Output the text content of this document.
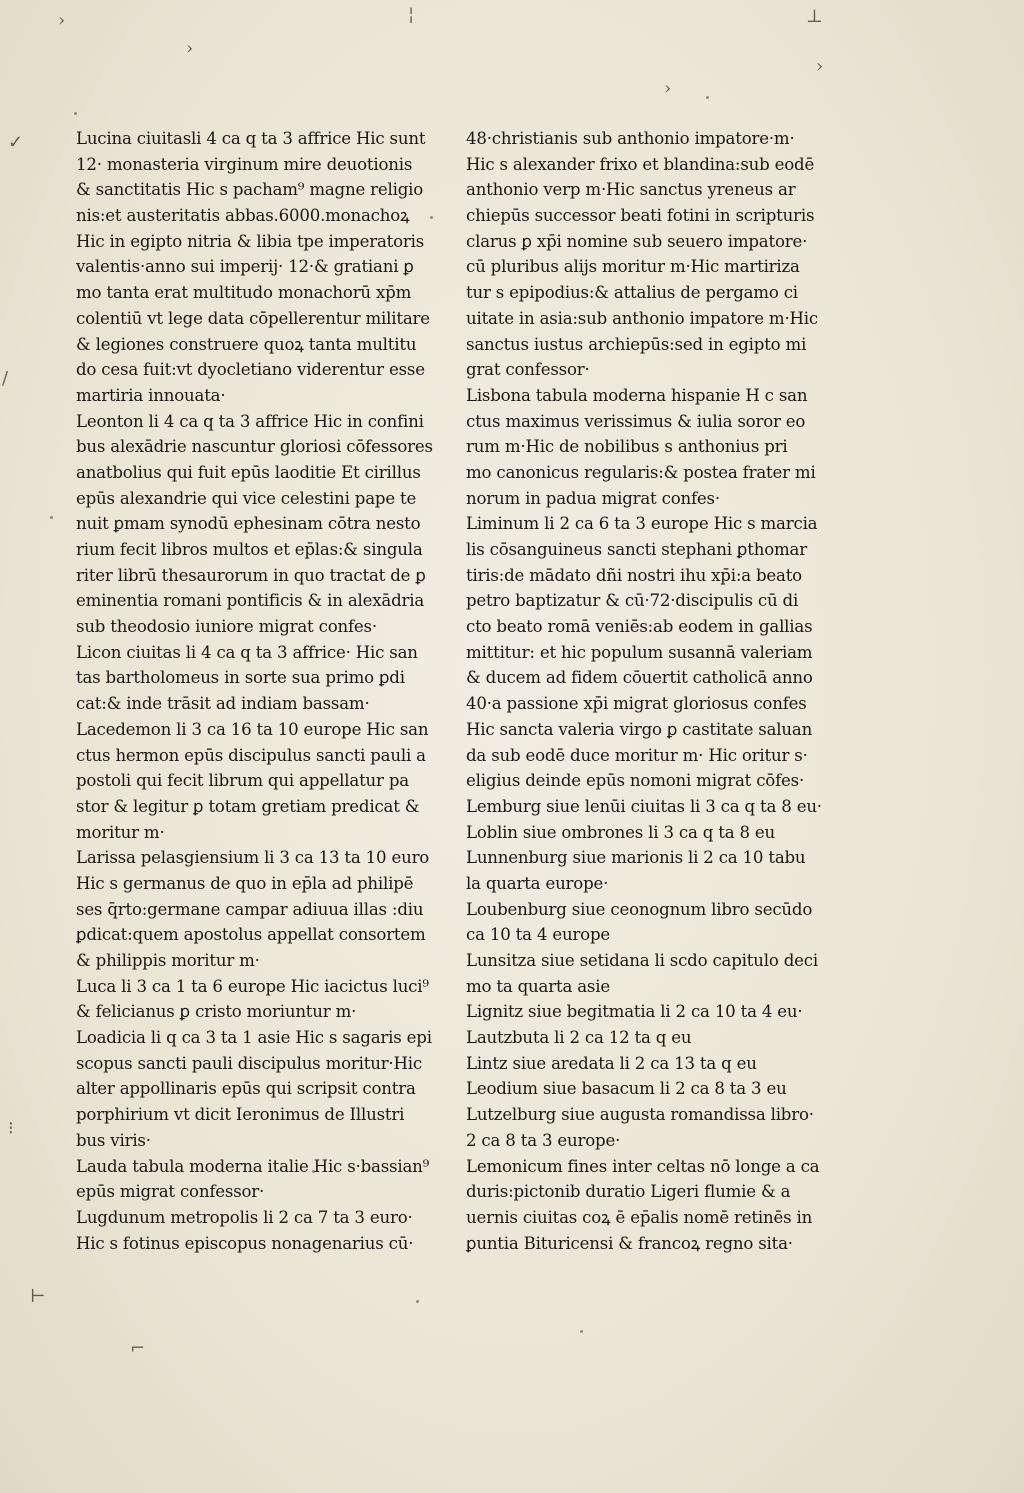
›
›
¦	⊥
›
›
✓
/
⊢
⌐
⁝
Lucina ciuitasli 4 ca q ta 3 affrice Hic sunt
12· monasteria virginum mire deuotionis
& sanctitatis Hic s pacham⁹ magne religio
nis:et austeritatis abbas.6000.monachoꝝ
Hic in egipto nitria & libia tpe imperatoris
valentis·anno sui imperij· 12·& gratiani ꝑ
mo tanta erat multitudo monachorū xp̄m
colentiū vt lege data cōpellerentur militare
& legiones construere quoꝝ tanta multitu
do cesa fuit:vt dyocletiano viderentur esse
martiria innouata·
Leonton li 4 ca q ta 3 affrice Hic in confini
bus alexādrie nascuntur gloriosi cōfessores
anatbolius qui fuit epūs laoditie Et cirillus
epūs alexandrie qui vice celestini pape te
nuit ꝑmam synodū ephesinam cōtra nesto
rium fecit libros multos et ep̄las:& singula
riter librū thesaurorum in quo tractat de ꝑ
eminentia romani pontificis & in alexādria
sub theodosio iuniore migrat confes·
Licon ciuitas li 4 ca q ta 3 affrice· Hic san
tas bartholomeus in sorte sua primo ꝑdi
cat:& inde trāsit ad indiam bassam·
Lacedemon li 3 ca 16 ta 10 europe Hic san
ctus hermon epūs discipulus sancti pauli a
postoli qui fecit librum qui appellatur pa
stor & legitur ꝑ totam gretiam predicat &
moritur m·
Larissa pelasgiensium li 3 ca 13 ta 10 euro
Hic s germanus de quo in ep̄la ad philipē
ses q̄rto:germane campar adiuua illas :diu
ꝑdicat:quem apostolus appellat consortem
& philippis moritur m·
Luca li 3 ca 1 ta 6 europe Hic iacictus luci⁹
& felicianus ꝑ cristo moriuntur m·
Loadicia li q ca 3 ta 1 asie Hic s sagaris epi
scopus sancti pauli discipulus moritur·Hic
alter appollinaris epūs qui scripsit contra
porphirium vt dicit Ieronimus de Illustri
bus viris·
Lauda tabula moderna italie Hic s·bassian⁹
epūs migrat confessor·
Lugdunum metropolis li 2 ca 7 ta 3 euro·
Hic s fotinus episcopus nonagenarius cū·
48·christianis sub anthonio impatore·m·
Hic s alexander frixo et blandina:sub eodē
anthonio verp m·Hic sanctus yreneus ar
chiepūs successor beati fotini in scripturis
clarus ꝑ xp̄i nomine sub seuero impatore·
cū pluribus alijs moritur m·Hic martiriza
tur s epipodius:& attalius de pergamo ci
uitate in asia:sub anthonio impatore m·Hic
sanctus iustus archiepūs:sed in egipto mi
grat confessor·
Lisbona tabula moderna hispanie H c san
ctus maximus verissimus & iulia soror eo
rum m·Hic de nobilibus s anthonius pri
mo canonicus regularis:& postea frater mi
norum in padua migrat confes·
Liminum li 2 ca 6 ta 3 europe Hic s marcia
lis cōsanguineus sancti stephani ꝑthomar
tiris:de mādato dñi nostri ihu xp̄i:a beato
petro baptizatur & cū·72·discipulis cū di
cto beato romā veniēs:ab eodem in gallias
mittitur: et hic populum susannā valeriam
& ducem ad fidem cōuertit catholicā anno
40·a passione xp̄i migrat gloriosus confes
Hic sancta valeria virgo ꝑ castitate saluan
da sub eodē duce moritur m· Hic oritur s·
eligius deinde epūs nomoni migrat cōfes·
Lemburg siue lenūi ciuitas li 3 ca q ta 8 eu·
Loblin siue ombrones li 3 ca q ta 8 eu
Lunnenburg siue marionis li 2 ca 10 tabu
la quarta europe·
Loubenburg siue ceonognum libro secūdo
ca 10 ta 4 europe
Lunsitza siue setidana li scdo capitulo deci
mo ta quarta asie
Lignitz siue begitmatia li 2 ca 10 ta 4 eu·
Lautzbuta li 2 ca 12 ta q eu
Lintz siue aredata li 2 ca 13 ta q eu
Leodium siue basacum li 2 ca 8 ta 3 eu
Lutzelburg siue augusta romandissa libro·
2 ca 8 ta 3 europe·
Lemonicum fines inter celtas nō longe a ca
duris:pictonib duratio Ligeri flumie & a
uernis ciuitas coꝝ ē ep̄alis nomē retinēs in
ꝑuntia Bituricensi & francoꝝ regno sita·
